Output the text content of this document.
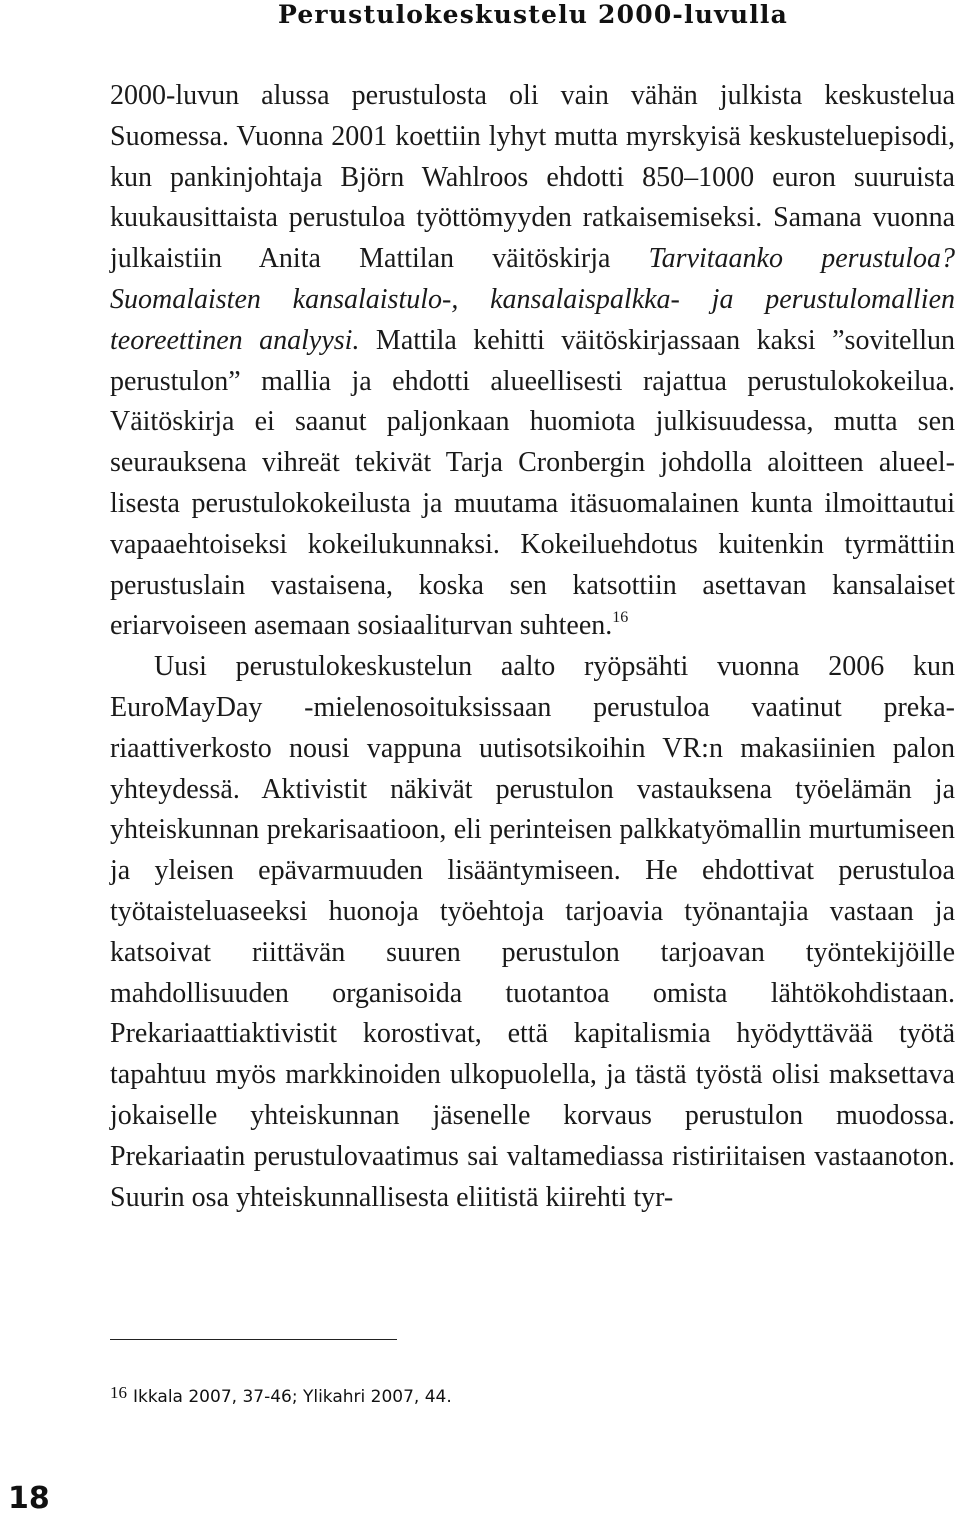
Perustulokeskustelu 2000-luvulla

2000-luvun alussa perustulosta oli vain vähän julkista keskustelua Suomessa. Vuonna 2001 koettiin lyhyt mutta myrskyisä keskusteluepisodi, kun pankinjohtaja Björn Wahlroos ehdotti 850–1000 euron suuruista kuukausittaista perustuloa työttömyyden ratkaisemiseksi. Samana vuonna julkaistiin Anita Mattilan väitöskirja Tarvitaanko perustuloa? Suomalaisten kansalaistulo-, kansalaispalkka- ja perustulomallien teoreettinen analyysi. Mattila kehitti väitöskirjassaan kaksi ”sovitellun perustulon” mallia ja ehdotti alueellisesti rajattua perustulokokeilua. Väitöskirja ei saanut paljonkaan huomiota julkisuudessa, mutta sen seurauksena vihreät tekivät Tarja Cronbergin johdolla aloitteen alueellisesta perustulokokeilusta ja muutama itäsuomalainen kunta ilmoittautui vapaaehtoiseksi kokeilukunnaksi. Kokeiluehdotus kuitenkin tyrmättiin perustuslain vastaisena, koska sen katsottiin asettavan kansalaiset eriarvoiseen asemaan sosiaaliturvan suhteen.$^{16}$

Uusi perustulokeskustelun aalto ryöpsähti vuonna 2006 kun EuroMayDay -mielenosoituksissaan perustuloa vaatinut prekariaattiverkosto nousi vappuna uutisotsikoihin VR:n makasiinien palon yhteydessä. Aktivistit näkivät perustulon vastauksena työelämän ja yhteiskunnan prekarisaatioon, eli perinteisen palkkatyömallin murtumiseen ja yleisen epävarmuuden lisääntymiseen. He ehdottivat perustuloa työtaisteluaseeksi huonoja työehtoja tarjoavia työnantajia vastaan ja katsoivat riittävän suuren perustulon tarjoavan työntekijöille mahdollisuuden organisoida tuotantoa omista lähtökohdistaan. Prekariaattiaktivistit korostivat, että kapitalismia hyödyttävää työtä tapahtuu myös markkinoiden ulkopuolella, ja tästä työstä olisi maksettava jokaiselle yhteiskunnan jäsenelle korvaus perustulon muodossa. Prekariaatin perustulovaatimus sai valtamediassa ristiriitaisen vastaanoton. Suurin osa yhteiskunnallisesta eliitistä kiirehti tyr-

16 Ikkala 2007, 37-46; Ylikahri 2007, 44.
18
